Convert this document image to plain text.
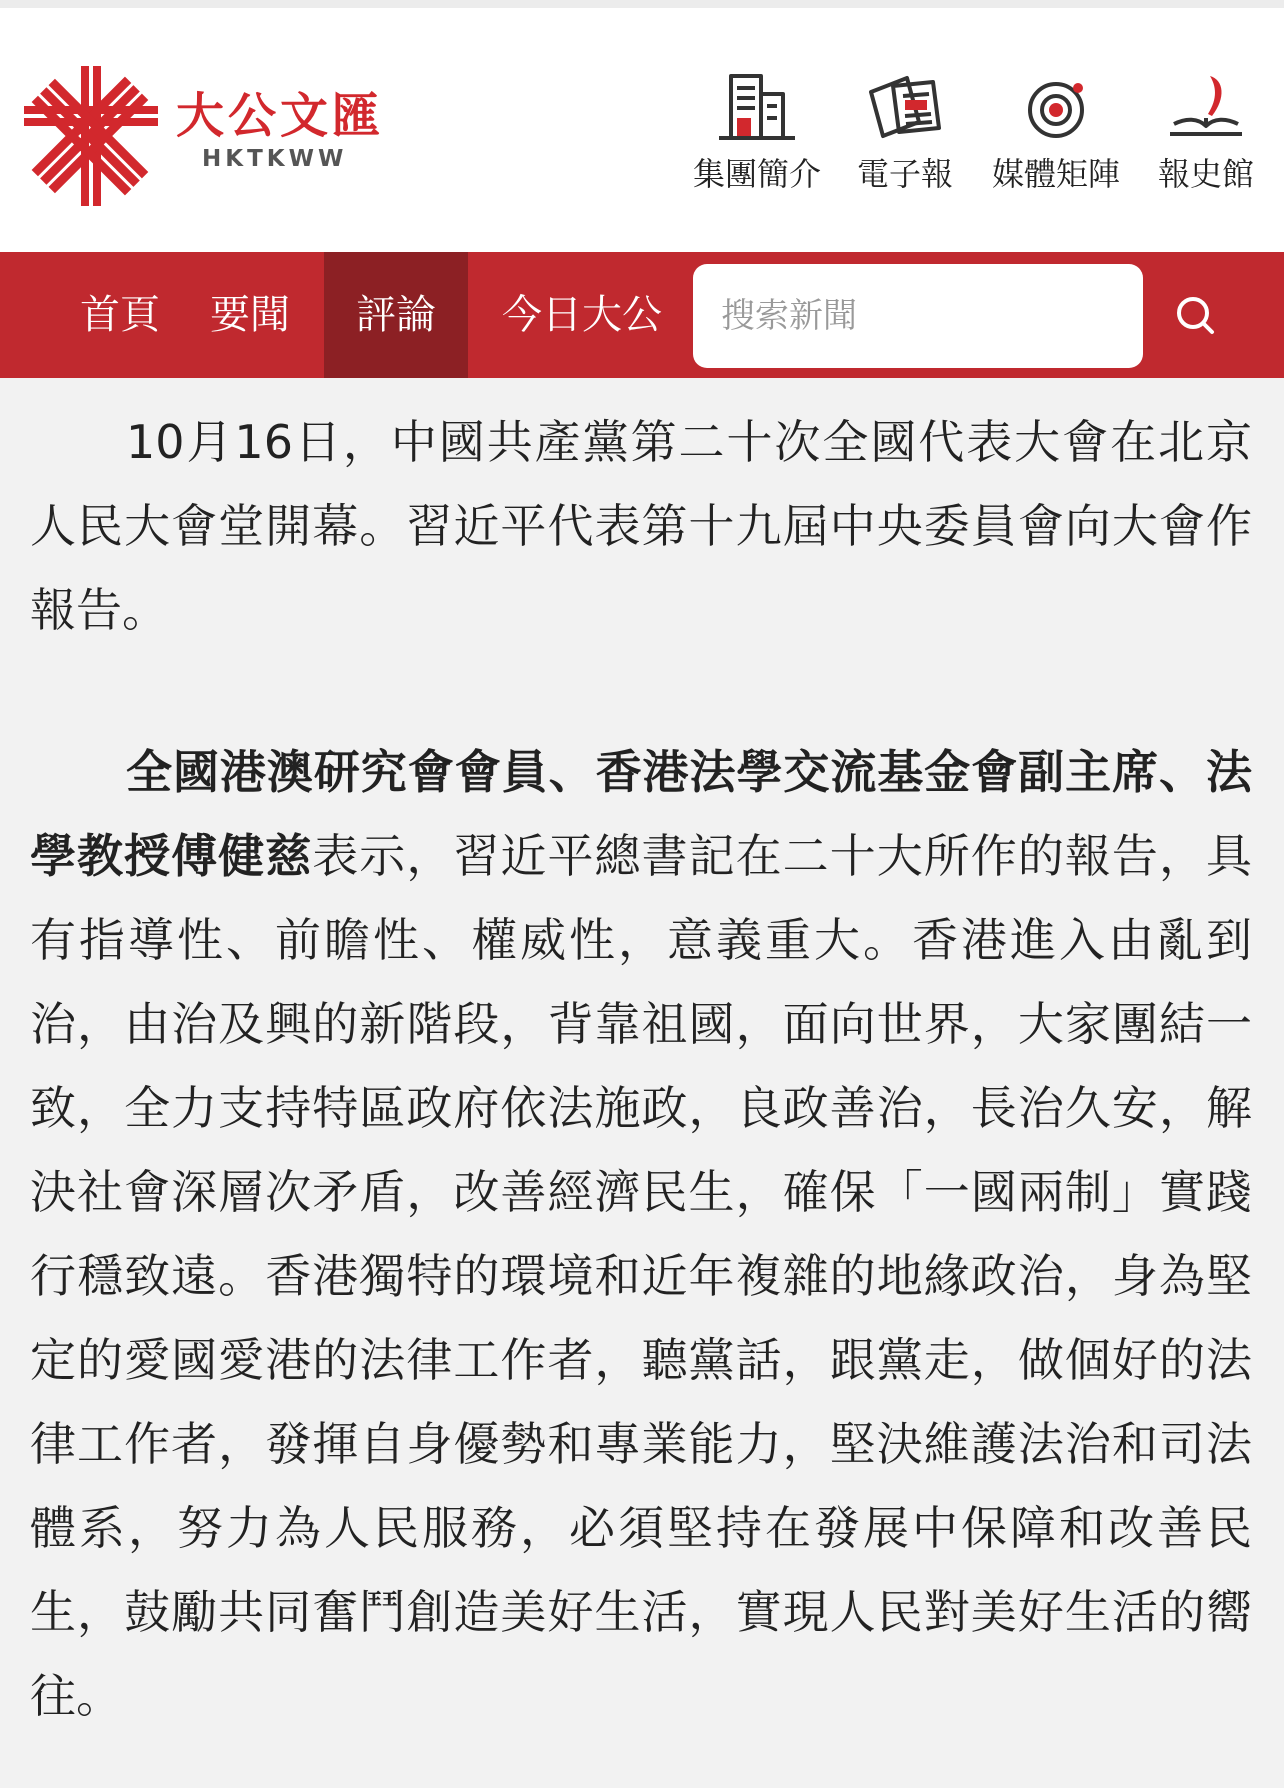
大公文匯
HKTKWW	集團簡介	電子報	媒體矩陣	報史館
首頁	要聞	評論	今日大公
搜索新聞

10月16日，中國共產黨第二十次全國代表大會在北京人民大會堂開幕。習近平代表第十九屆中央委員會向大會作報告。

全國港澳研究會會員、香港法學交流基金會副主席、法學教授傅健慈表示，習近平總書記在二十大所作的報告，具有指導性、前瞻性、權威性，意義重大。香港進入由亂到治，由治及興的新階段，背靠祖國，面向世界，大家團結一致，全力支持特區政府依法施政，良政善治，長治久安，解決社會深層次矛盾，改善經濟民生，確保「一國兩制」實踐行穩致遠。香港獨特的環境和近年複雜的地緣政治，身為堅定的愛國愛港的法律工作者，聽黨話，跟黨走，做個好的法律工作者，發揮自身優勢和專業能力，堅決維護法治和司法體系，努力為人民服務，必須堅持在發展中保障和改善民生，鼓勵共同奮鬥創造美好生活，實現人民對美好生活的嚮往。
